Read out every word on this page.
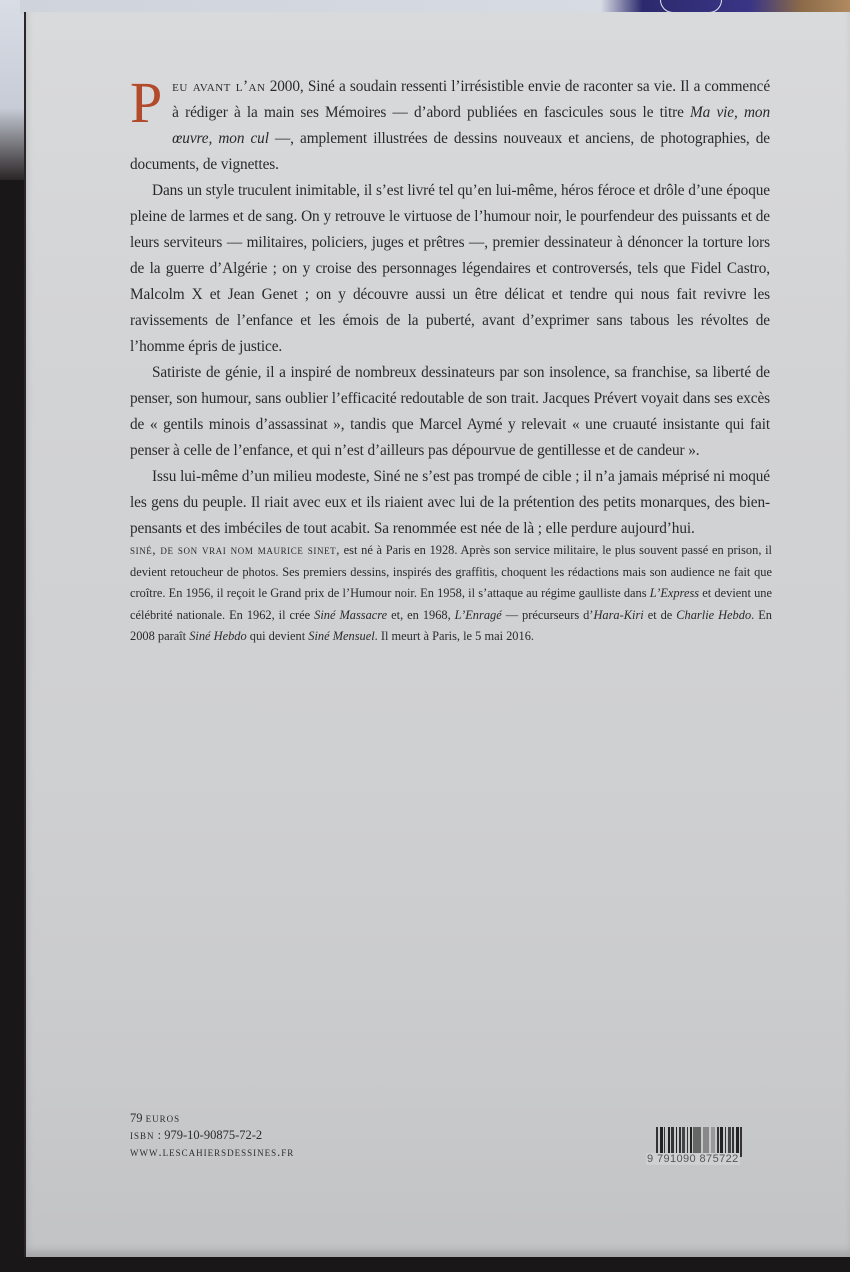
Peu avant l’an 2000, Siné a soudain ressenti l’irrésistible envie de raconter sa vie. Il a commencé à rédiger à la main ses Mémoires — d’abord publiées en fascicules sous le titre Ma vie, mon œuvre, mon cul —, amplement illustrées de dessins nouveaux et anciens, de photographies, de documents, de vignettes.

Dans un style truculent inimitable, il s’est livré tel qu’en lui-même, héros féroce et drôle d’une époque pleine de larmes et de sang. On y retrouve le virtuose de l’humour noir, le pourfendeur des puissants et de leurs serviteurs — militaires, policiers, juges et prêtres —, premier dessinateur à dénoncer la torture lors de la guerre d’Algérie ; on y croise des personnages légendaires et controversés, tels que Fidel Castro, Malcolm X et Jean Genet ; on y découvre aussi un être délicat et tendre qui nous fait revivre les ravissements de l’enfance et les émois de la puberté, avant d’exprimer sans tabous les révoltes de l’homme épris de justice.

Satiriste de génie, il a inspiré de nombreux dessinateurs par son insolence, sa franchise, sa liberté de penser, son humour, sans oublier l’efficacité redoutable de son trait. Jacques Prévert voyait dans ses excès de « gentils minois d’assassinat », tandis que Marcel Aymé y relevait « une cruauté insistante qui fait penser à celle de l’enfance, et qui n’est d’ailleurs pas dépourvue de gentillesse et de candeur ».

Issu lui-même d’un milieu modeste, Siné ne s’est pas trompé de cible ; il n’a jamais méprisé ni moqué les gens du peuple. Il riait avec eux et ils riaient avec lui de la prétention des petits monarques, des bien-pensants et des imbéciles de tout acabit. Sa renommée est née de là ; elle perdure aujourd’hui.

siné, de son vrai nom maurice sinet, est né à Paris en 1928. Après son service militaire, le plus souvent passé en prison, il devient retoucheur de photos. Ses premiers dessins, inspirés des graffitis, choquent les rédactions mais son audience ne fait que croître. En 1956, il reçoit le Grand prix de l’Humour noir. En 1958, il s’attaque au régime gaulliste dans L’Express et devient une célébrité nationale. En 1962, il crée Siné Massacre et, en 1968, L’Enragé — précurseurs d’Hara-Kiri et de Charlie Hebdo. En 2008 paraît Siné Hebdo qui devient Siné Mensuel. Il meurt à Paris, le 5 mai 2016.
79 euros
isbn : 979-10-90875-72-2
www.lescahiersdessines.fr	9 791090 875722
